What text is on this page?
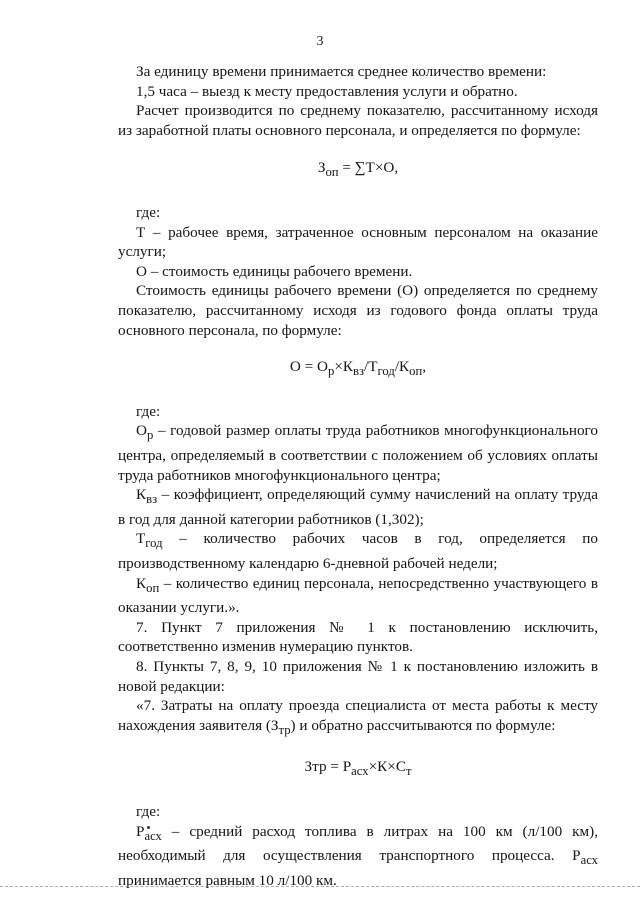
3

За единицу времени принимается среднее количество времени:

1,5 часа – выезд к месту предоставления услуги и обратно.

Расчет производится по среднему показателю, рассчитанному исходя из заработной платы основного персонала, и определяется по формуле:

$З_{оп} = \sum Т\times О$,

где:

Т – рабочее время, затраченное основным персоналом на оказание услуги;

О – стоимость единицы рабочего времени.

Стоимость единицы рабочего времени (О) определяется по среднему показателю, рассчитанному исходя из годового фонда оплаты труда основного персонала, по формуле:

$О = О_р\times К_{вз}/Т_{год}/К_{оп}$,

где:

$О_р$ – годовой размер оплаты труда работников многофункционального центра, определяемый в соответствии с положением об условиях оплаты труда работников многофункционального центра;

$К_{вз}$ – коэффициент, определяющий сумму начислений на оплату труда в год для данной категории работников (1,302);

$Т_{год}$ – количество рабочих часов в год, определяется по производственному календарю 6-дневной рабочей недели;

$К_{оп}$ – количество единиц персонала, непосредственно участвующего в оказании услуги.».

7. Пункт 7 приложения № 1 к постановлению исключить, соответственно изменив нумерацию пунктов.

8. Пункты 7, 8, 9, 10 приложения № 1 к постановлению изложить в новой редакции:

«7. Затраты на оплату проезда специалиста от места работы к месту нахождения заявителя $(З_{тр})$ и обратно рассчитываются по формуле:

Зтр = $Р_{асх}\times К\times С_т$

где:

$Р_{асх}$ – средний расход топлива в литрах на 100 км (л/100 км), необходимый для осуществления транспортного процесса. $Р_{асх}$ принимается равным 10 л/100 км.
